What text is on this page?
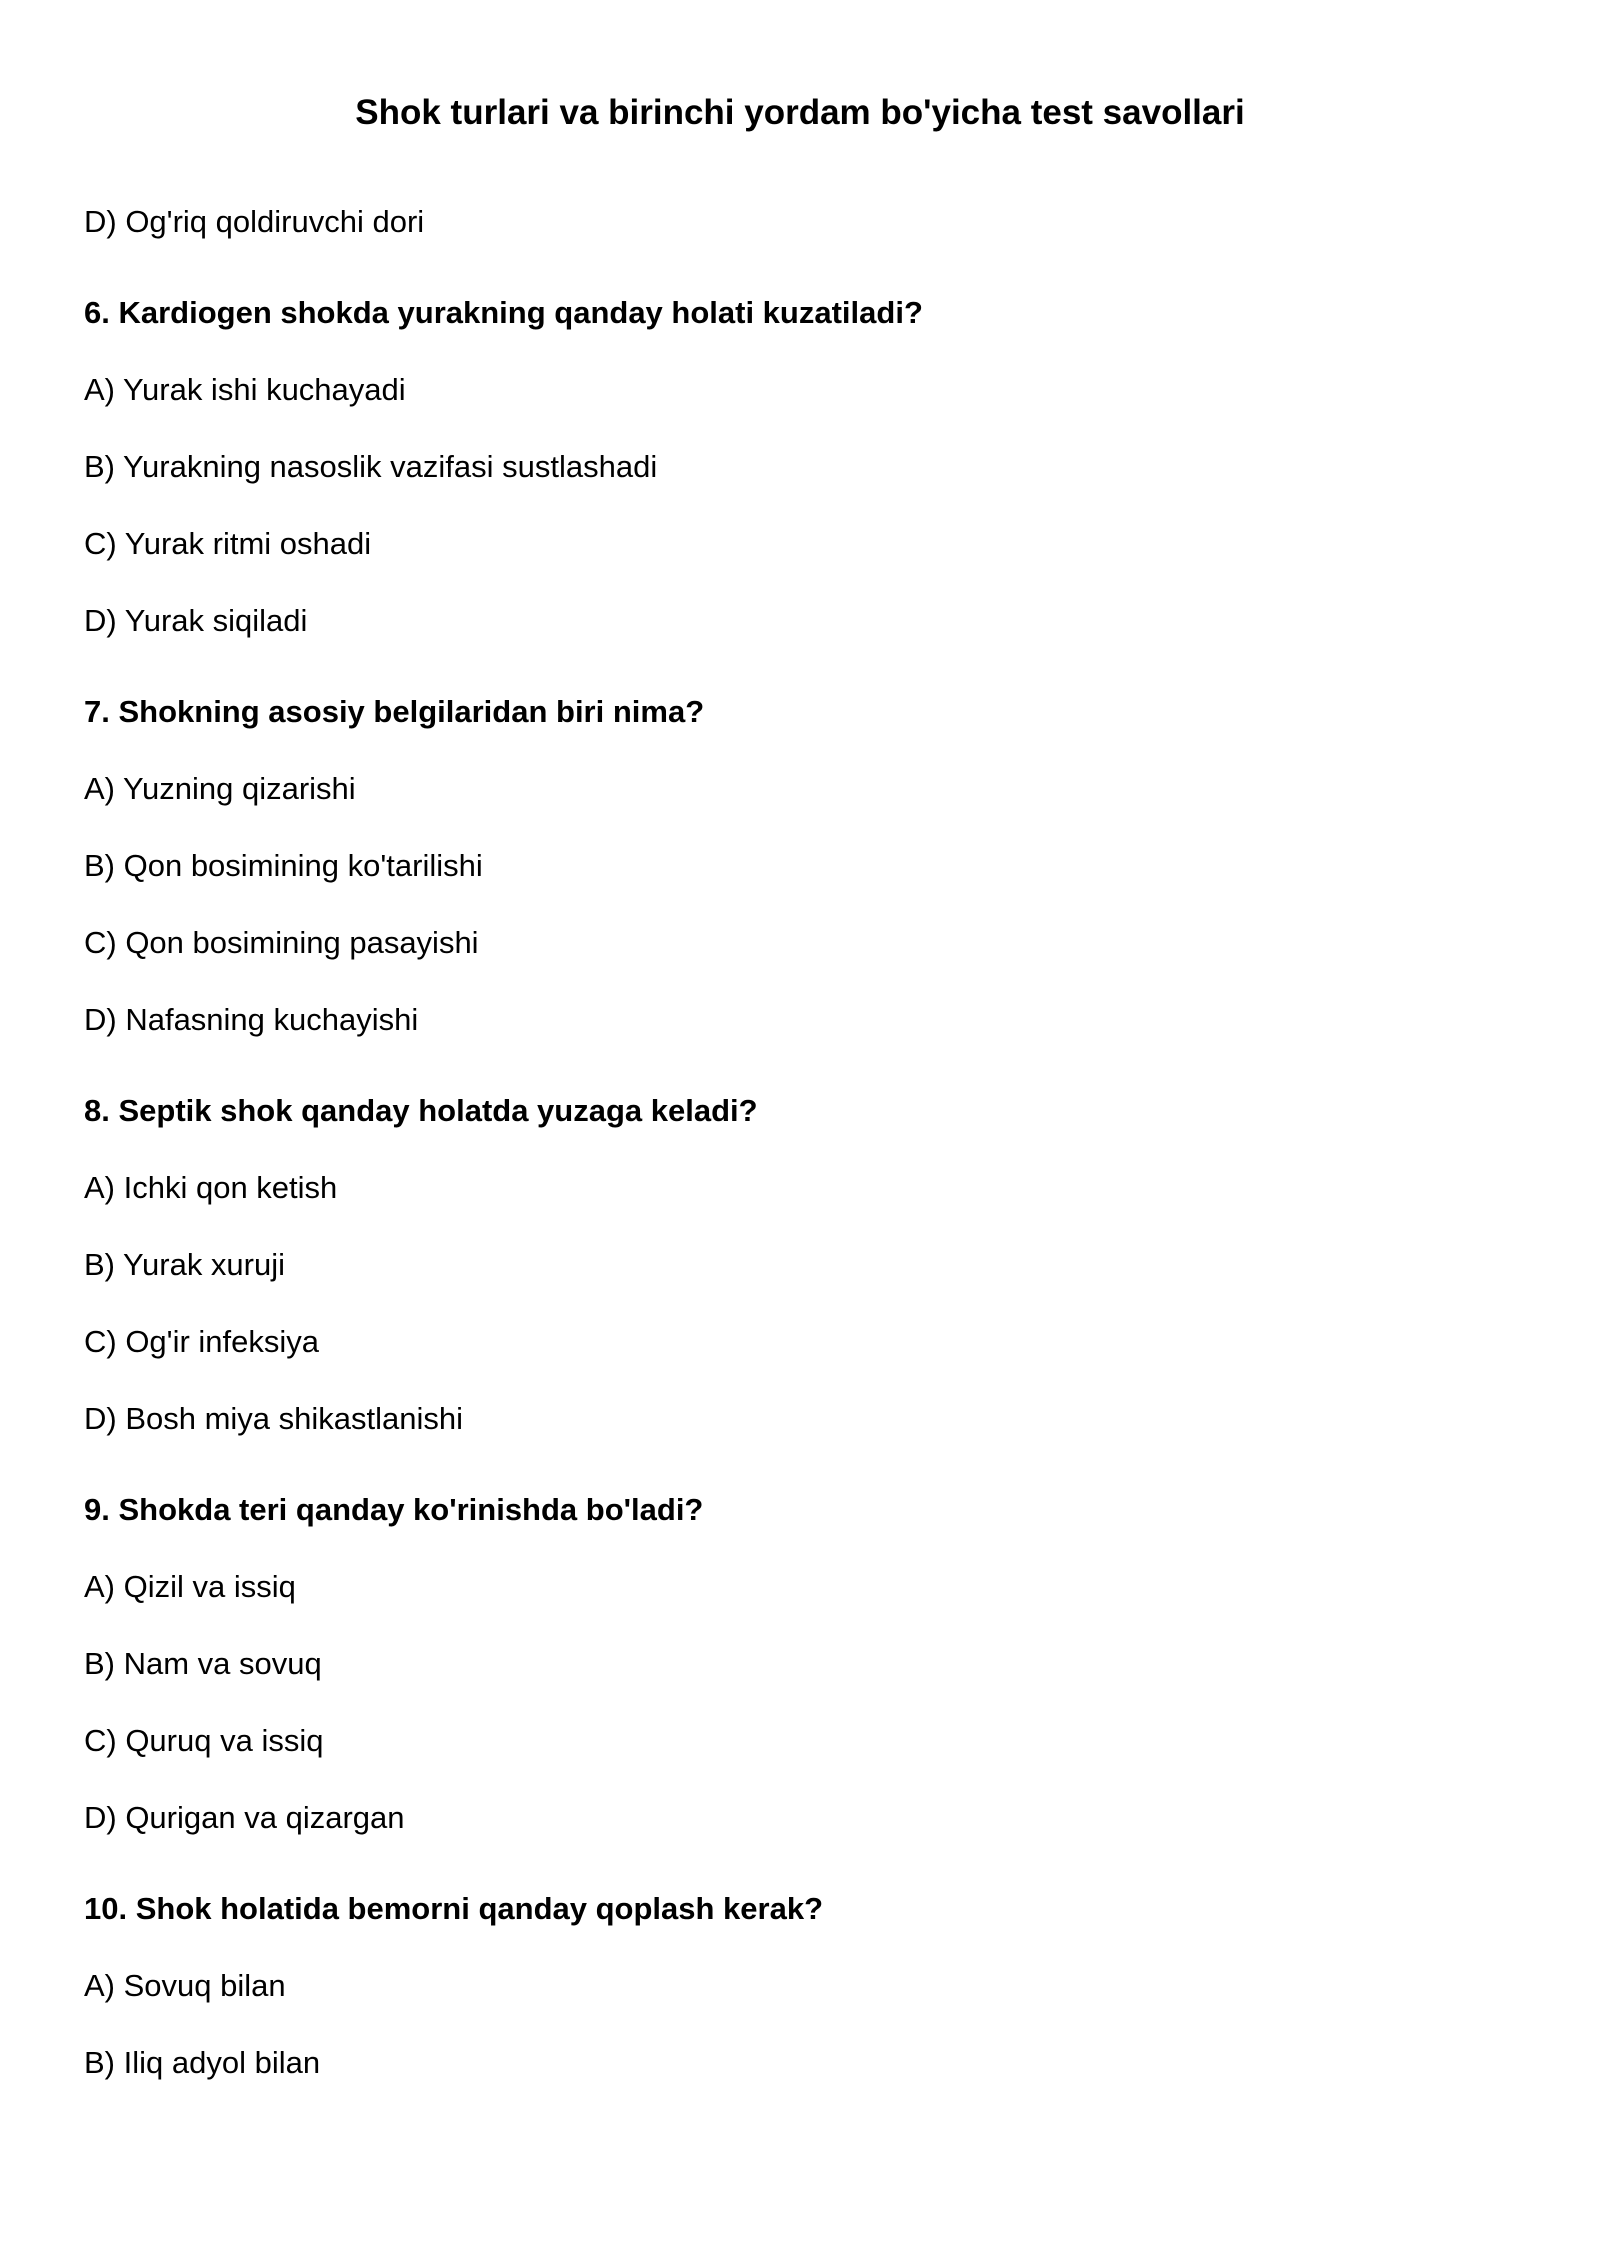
Shok turlari va birinchi yordam bo'yicha test savollari
D) Og'riq qoldiruvchi dori
6. Kardiogen shokda yurakning qanday holati kuzatiladi?
A) Yurak ishi kuchayadi
B) Yurakning nasoslik vazifasi sustlashadi
C) Yurak ritmi oshadi
D) Yurak siqiladi
7. Shokning asosiy belgilaridan biri nima?
A) Yuzning qizarishi
B) Qon bosimining ko'tarilishi
C) Qon bosimining pasayishi
D) Nafasning kuchayishi
8. Septik shok qanday holatda yuzaga keladi?
A) Ichki qon ketish
B) Yurak xuruji
C) Og'ir infeksiya
D) Bosh miya shikastlanishi
9. Shokda teri qanday ko'rinishda bo'ladi?
A) Qizil va issiq
B) Nam va sovuq
C) Quruq va issiq
D) Qurigan va qizargan
10. Shok holatida bemorni qanday qoplash kerak?
A) Sovuq bilan
B) Iliq adyol bilan
